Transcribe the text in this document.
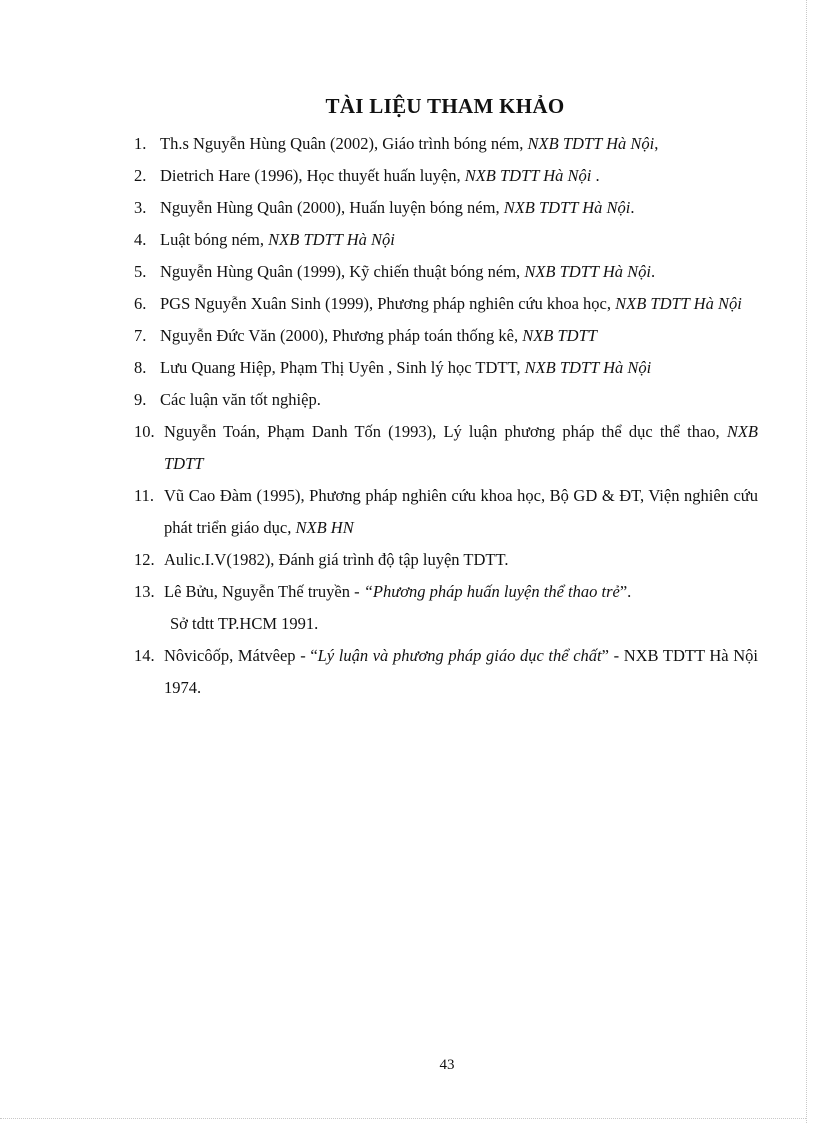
TÀI LIỆU THAM KHẢO
1. Th.s Nguyễn Hùng Quân (2002), Giáo trình bóng ném, NXB TDTT Hà Nội,
2. Dietrich Hare (1996), Học thuyết huấn luyện, NXB TDTT Hà Nội .
3. Nguyễn Hùng Quân (2000), Huấn luyện bóng ném, NXB TDTT Hà Nội.
4. Luật bóng ném, NXB TDTT Hà Nội
5. Nguyễn Hùng Quân (1999), Kỹ chiến thuật bóng ném, NXB TDTT Hà Nội.
6. PGS Nguyễn Xuân Sinh (1999), Phương pháp nghiên cứu khoa học, NXB TDTT Hà Nội
7. Nguyễn Đức Văn (2000), Phương pháp toán thống kê, NXB TDTT
8. Lưu Quang Hiệp, Phạm Thị Uyên , Sinh lý học TDTT, NXB TDTT Hà Nội
9. Các luận văn tốt nghiệp.
10. Nguyễn Toán, Phạm Danh Tốn (1993), Lý luận phương pháp thể dục thể thao, NXB TDTT
11. Vũ Cao Đàm (1995), Phương pháp nghiên cứu khoa học, Bộ GD & ĐT, Viện nghiên cứu phát triển giáo dục, NXB HN
12. Aulic.I.V(1982), Đánh giá trình độ tập luyện TDTT.
13. Lê Bửu, Nguyễn Thế truyền - “Phương pháp huấn luyện thể thao trẻ”.
Sở tdtt TP.HCM 1991.
14. Nôvicôốp, Mátvêep - “Lý luận và phương pháp giáo dục thể chất” - NXB TDTT Hà Nội 1974.
43
